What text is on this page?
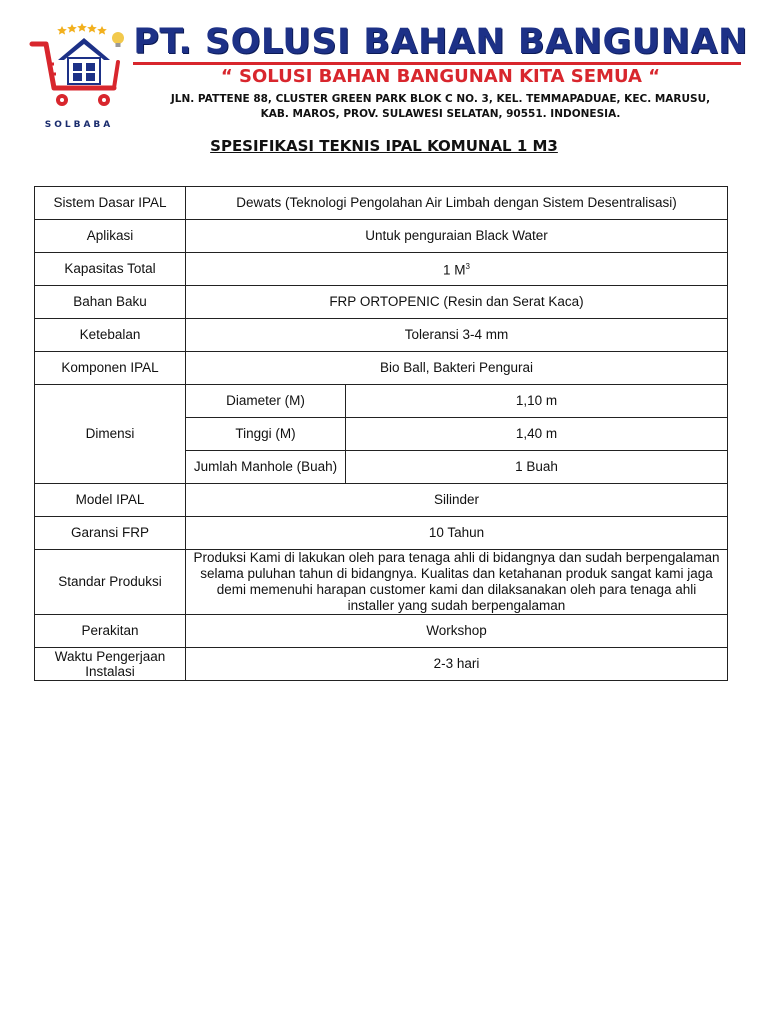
SOLBABA
PT. SOLUSI BAHAN BANGUNAN
“ SOLUSI BAHAN BANGUNAN KITA SEMUA “
JLN. PATTENE 88, CLUSTER GREEN PARK BLOK C NO. 3, KEL. TEMMAPADUAE, KEC. MARUSU,
KAB. MAROS, PROV. SULAWESI SELATAN, 90551. INDONESIA.
SPESIFIKASI TEKNIS IPAL KOMUNAL 1 M3
Sistem Dasar IPAL	Dewats (Teknologi Pengolahan Air Limbah dengan Sistem Desentralisasi)	
Aplikasi	Untuk penguraian Black Water	
Kapasitas Total	1 $M^3$
Bahan Baku	FRP ORTOPENIC (Resin dan Serat Kaca)	
Ketebalan	Toleransi 3-4 mm	
Komponen IPAL	Bio Ball, Bakteri Pengurai	
Dimensi	Diameter (M)	1,10 m
	Tinggi (M)	1,40 m
	Jumlah Manhole (Buah)	1 Buah
Model IPAL	Silinder	
Garansi FRP	10 Tahun	
Standar Produksi	Produksi Kami di lakukan oleh para tenaga ahli di bidangnya dan sudah berpengalaman selama puluhan tahun di bidangnya. Kualitas dan ketahanan produk sangat kami jaga demi memenuhi harapan customer kami dan dilaksanakan oleh para tenaga ahli installer yang sudah berpengalaman	
Perakitan	Workshop	
Waktu Pengerjaan Instalasi	2-3 hari	
